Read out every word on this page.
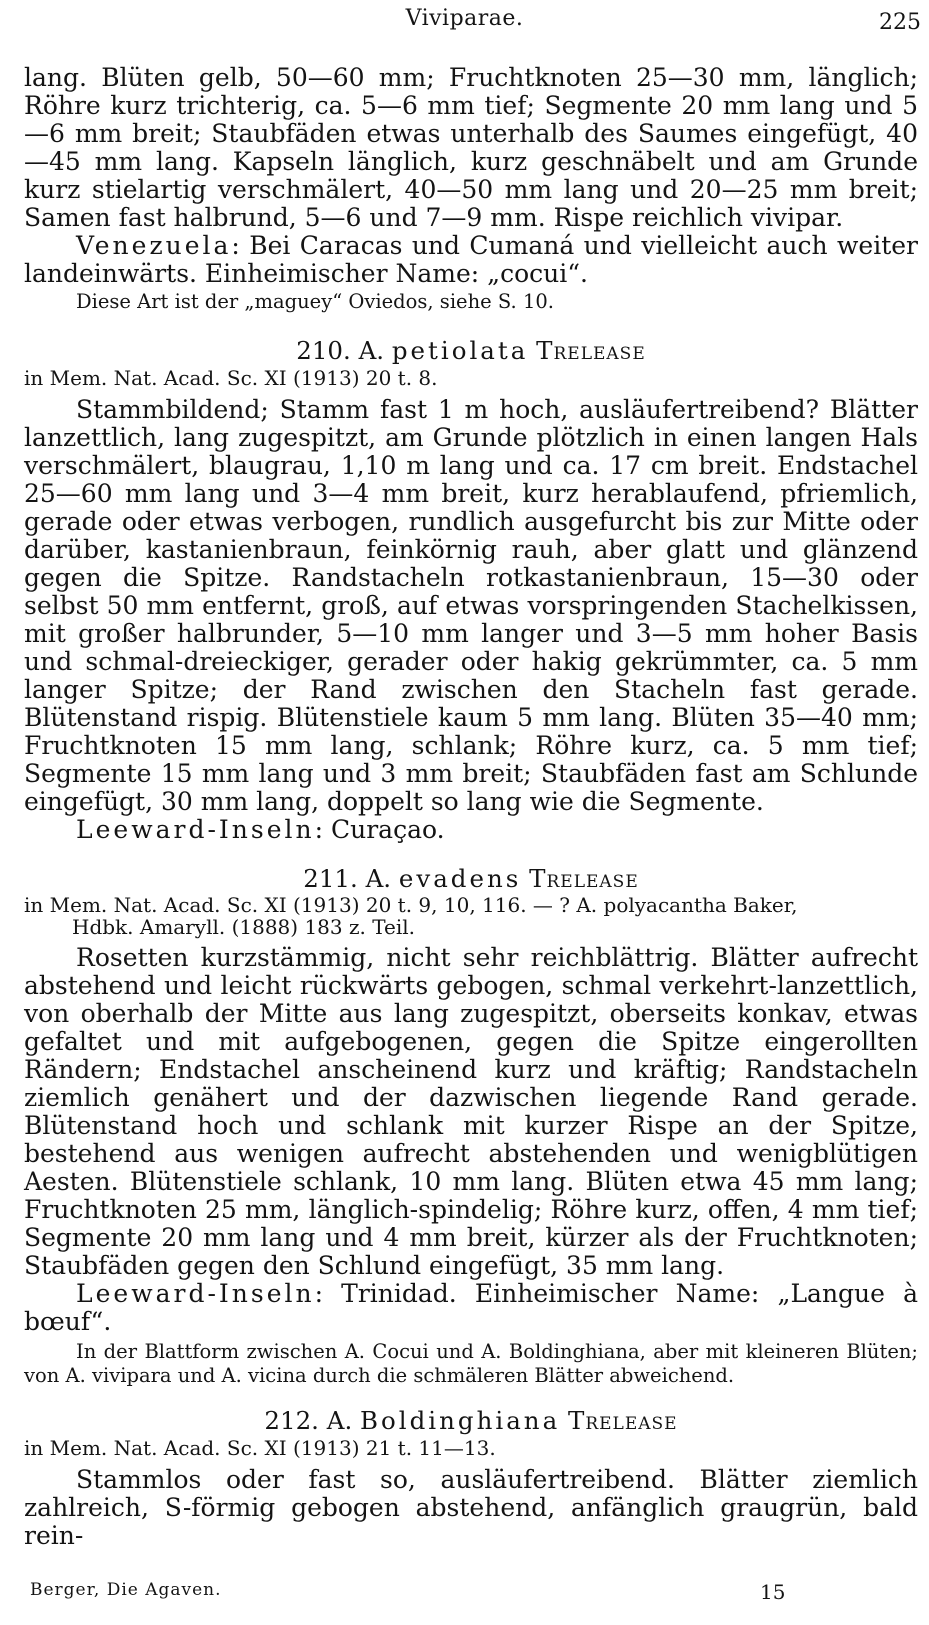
Viviparae.	225

lang. Blüten gelb, 50—60 mm; Fruchtknoten 25—30 mm, länglich; Röhre kurz trichterig, ca. 5—6 mm tief; Segmente 20 mm lang und 5—6 mm breit; Staubfäden etwas unterhalb des Saumes eingefügt, 40—45 mm lang. Kapseln länglich, kurz geschnäbelt und am Grunde kurz stielartig verschmälert, 40—50 mm lang und 20—25 mm breit; Samen fast halbrund, 5—6 und 7—9 mm. Rispe reichlich vivipar.

Venezuela: Bei Caracas und Cumaná und vielleicht auch weiter landeinwärts. Einheimischer Name: „cocui“.

Diese Art ist der „maguey“ Oviedos, siehe S. 10.

210. A. petiolata Trelease

in Mem. Nat. Acad. Sc. XI (1913) 20 t. 8.

Stammbildend; Stamm fast 1 m hoch, ausläufertreibend? Blätter lanzettlich, lang zugespitzt, am Grunde plötzlich in einen langen Hals verschmälert, blaugrau, 1,10 m lang und ca. 17 cm breit. Endstachel 25—60 mm lang und 3—4 mm breit, kurz herablaufend, pfriemlich, gerade oder etwas verbogen, rundlich ausgefurcht bis zur Mitte oder darüber, kastanienbraun, feinkörnig rauh, aber glatt und glänzend gegen die Spitze. Randstacheln rotkastanienbraun, 15—30 oder selbst 50 mm entfernt, groß, auf etwas vorspringenden Stachelkissen, mit großer halbrunder, 5—10 mm langer und 3—5 mm hoher Basis und schmal-dreieckiger, gerader oder hakig gekrümmter, ca. 5 mm langer Spitze; der Rand zwischen den Stacheln fast gerade. Blütenstand rispig. Blütenstiele kaum 5 mm lang. Blüten 35—40 mm; Fruchtknoten 15 mm lang, schlank; Röhre kurz, ca. 5 mm tief; Segmente 15 mm lang und 3 mm breit; Staubfäden fast am Schlunde eingefügt, 30 mm lang, doppelt so lang wie die Segmente.

Leeward-Inseln: Curaçao.

211. A. evadens Trelease

in Mem. Nat. Acad. Sc. XI (1913) 20 t. 9, 10, 116. — ? A. polyacantha Baker,
Hdbk. Amaryll. (1888) 183 z. Teil.

Rosetten kurzstämmig, nicht sehr reichblättrig. Blätter aufrecht abstehend und leicht rückwärts gebogen, schmal verkehrt-lanzettlich, von oberhalb der Mitte aus lang zugespitzt, oberseits konkav, etwas gefaltet und mit aufgebogenen, gegen die Spitze eingerollten Rändern; Endstachel anscheinend kurz und kräftig; Randstacheln ziemlich genähert und der dazwischen liegende Rand gerade. Blütenstand hoch und schlank mit kurzer Rispe an der Spitze, bestehend aus wenigen aufrecht abstehenden und wenigblütigen Aesten. Blütenstiele schlank, 10 mm lang. Blüten etwa 45 mm lang; Fruchtknoten 25 mm, länglich-spindelig; Röhre kurz, offen, 4 mm tief; Segmente 20 mm lang und 4 mm breit, kürzer als der Fruchtknoten; Staubfäden gegen den Schlund eingefügt, 35 mm lang.

Leeward-Inseln: Trinidad. Einheimischer Name: „Langue à bœuf“.

In der Blattform zwischen A. Cocui und A. Boldinghiana, aber mit kleineren Blüten; von A. vivipara und A. vicina durch die schmäleren Blätter abweichend.

212. A. Boldinghiana Trelease

in Mem. Nat. Acad. Sc. XI (1913) 21 t. 11—13.

Stammlos oder fast so, ausläufertreibend. Blätter ziemlich zahlreich, S-förmig gebogen abstehend, anfänglich graugrün, bald rein-

Berger, Die Agaven.	15
